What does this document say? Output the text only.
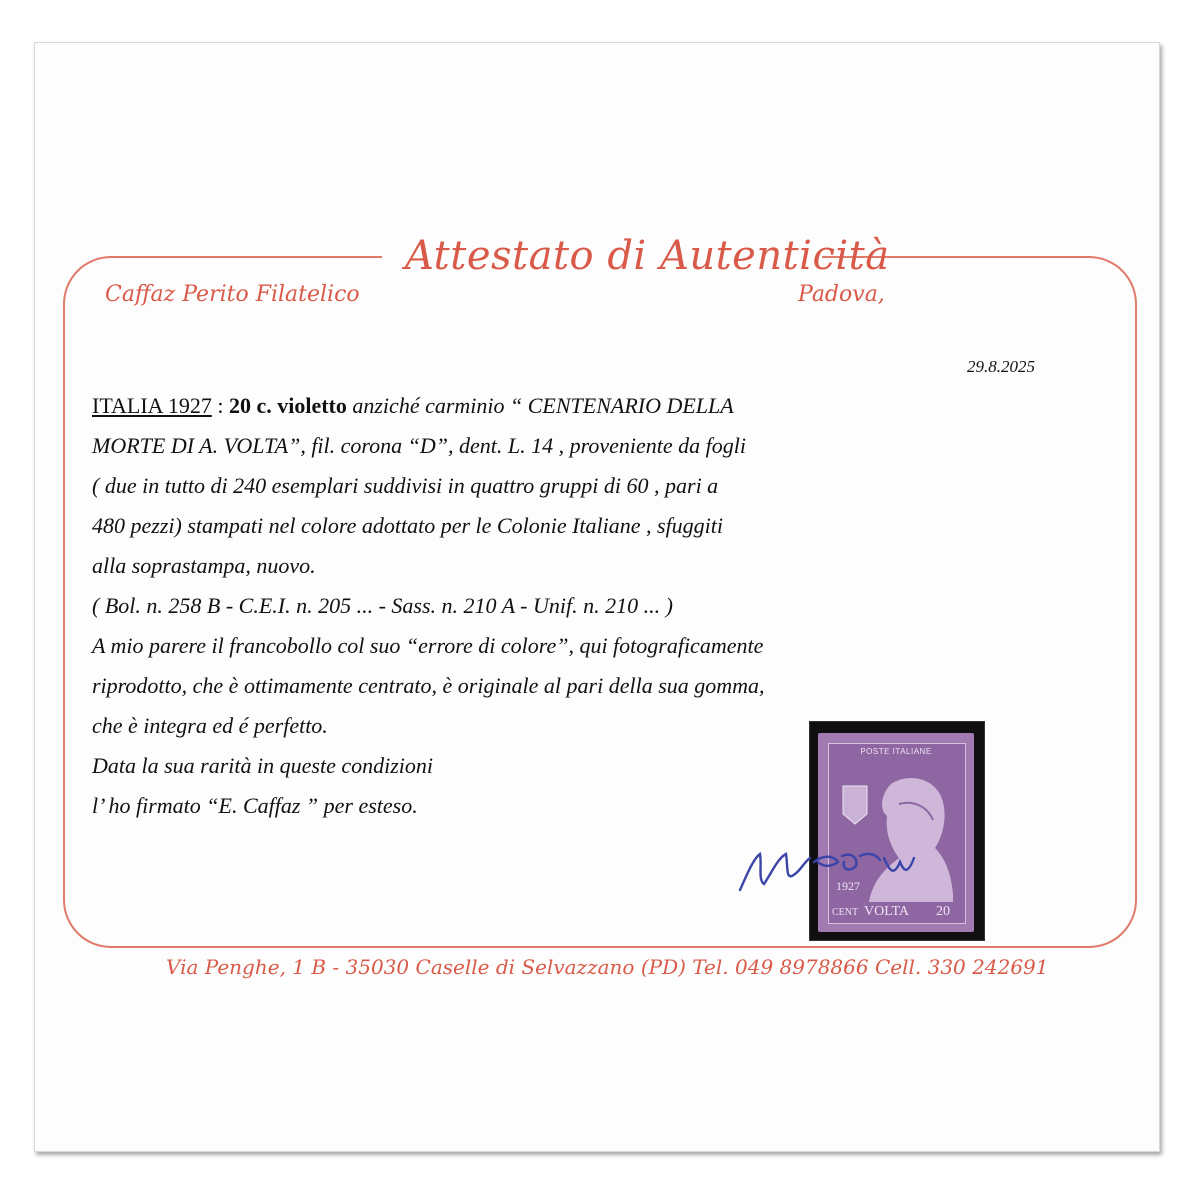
Attestato di Autenticità
Caffaz Perito Filatelico	Padova,
29.8.2025
ITALIA 1927 : 20 c. violetto anziché carminio “ CENTENARIO DELLA
MORTE DI A. VOLTA”, fil. corona “D”, dent. L. 14 , proveniente da fogli
( due in tutto di 240 esemplari suddivisi in quattro gruppi di 60 , pari a
480 pezzi) stampati nel colore adottato per le Colonie Italiane , sfuggiti
alla soprastampa, nuovo.
( Bol. n. 258 B - C.E.I. n. 205 ... - Sass. n. 210 A - Unif. n. 210 ... )
A mio parere il francobollo col suo “errore di colore”, qui fotograficamente
riprodotto, che è ottimamente centrato, è originale al pari della sua gomma,
che è integra ed é perfetto.
Data la sua rarità in queste condizioni
l’ ho firmato “E. Caffaz ” per esteso.
POSTE ITALIANE
1927
CENT VOLTA 20
Via Penghe, 1 B - 35030 Caselle di Selvazzano (PD) Tel. 049 8978866 Cell. 330 242691
